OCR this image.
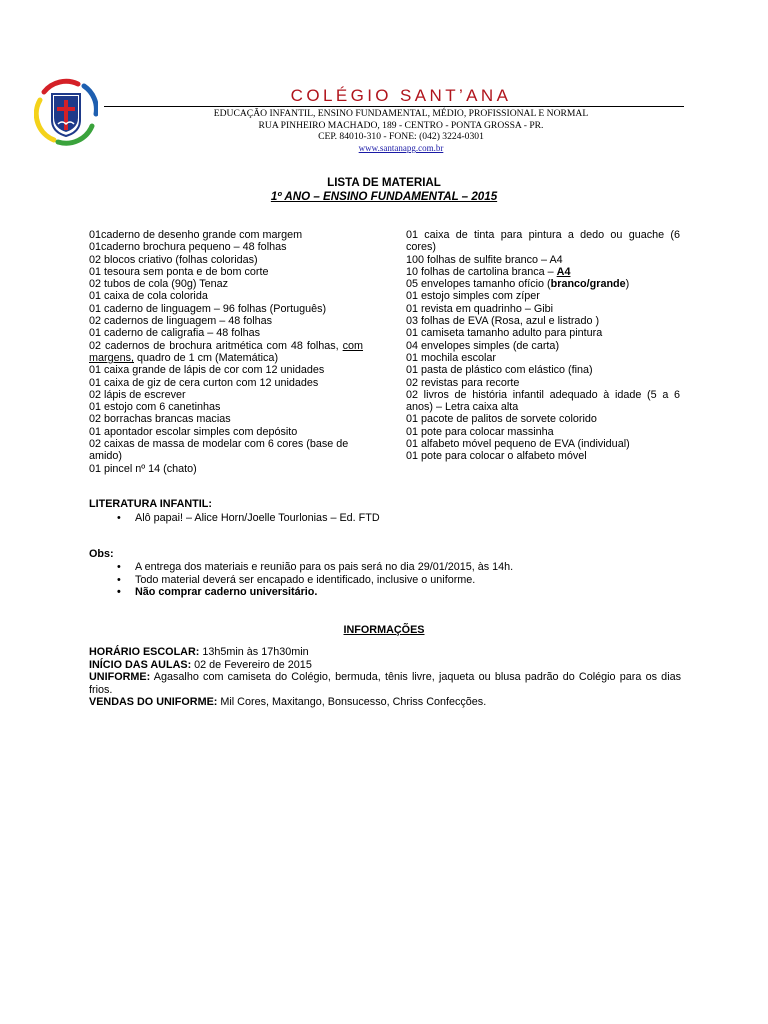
COLÉGIO SANT’ANA
EDUCAÇÃO INFANTIL, ENSINO FUNDAMENTAL, MÉDIO, PROFISSIONAL E NORMAL
RUA PINHEIRO MACHADO, 189 - CENTRO - PONTA GROSSA - PR.
CEP. 84010-310 - FONE: (042) 3224-0301
www.santanapg.com.br
LISTA DE MATERIAL
1º ANO – ENSINO FUNDAMENTAL – 2015

01caderno de desenho grande com margem

01caderno brochura pequeno – 48 folhas

02 blocos criativo (folhas coloridas)

01 tesoura sem ponta e de bom corte

02 tubos de cola (90g) Tenaz

01 caixa de cola colorida

01 caderno de linguagem – 96 folhas (Português)

02 cadernos de linguagem – 48 folhas

01 caderno de caligrafia – 48 folhas

02 cadernos de brochura aritmética com 48 folhas, com margens, quadro de 1 cm (Matemática)

01 caixa grande de lápis de cor com 12 unidades

01 caixa de giz de cera curton com 12 unidades

02 lápis de escrever

01 estojo com 6 canetinhas

02 borrachas brancas macias

01 apontador escolar simples com depósito

02 caixas de massa de modelar com 6 cores (base de amido)

01 pincel nº 14 (chato)

01 caixa de tinta para pintura a dedo ou guache (6 cores)

100 folhas de sulfite branco – A4

10 folhas de cartolina branca – A4

05 envelopes tamanho ofício (branco/grande)

01 estojo simples com zíper

01 revista em quadrinho – Gibi

03 folhas de EVA (Rosa, azul e listrado )

01 camiseta tamanho adulto para pintura

04 envelopes simples (de carta)

01 mochila escolar

01 pasta de plástico com elástico (fina)

02 revistas para recorte

02 livros de história infantil adequado à idade (5 a 6 anos) – Letra caixa alta

01 pacote de palitos de sorvete colorido

01 pote para colocar massinha

01 alfabeto móvel pequeno de EVA (individual)

01 pote para colocar o alfabeto móvel

LITERATURA INFANTIL:
•	Alô papai! – Alice Horn/Joelle Tourlonias – Ed. FTD
Obs:
•	A entrega dos materiais e reunião para os pais será no dia 29/01/2015, às 14h.
•	Todo material deverá ser encapado e identificado, inclusive o uniforme.
•	Não comprar caderno universitário.
INFORMAÇÕES

HORÁRIO ESCOLAR: 13h5min às 17h30min

INÍCIO DAS AULAS: 02 de Fevereiro de 2015

UNIFORME: Agasalho com camiseta do Colégio, bermuda, tênis livre, jaqueta ou blusa padrão do Colégio para os dias frios.

VENDAS DO UNIFORME: Mil Cores, Maxitango, Bonsucesso, Chriss Confecções.
